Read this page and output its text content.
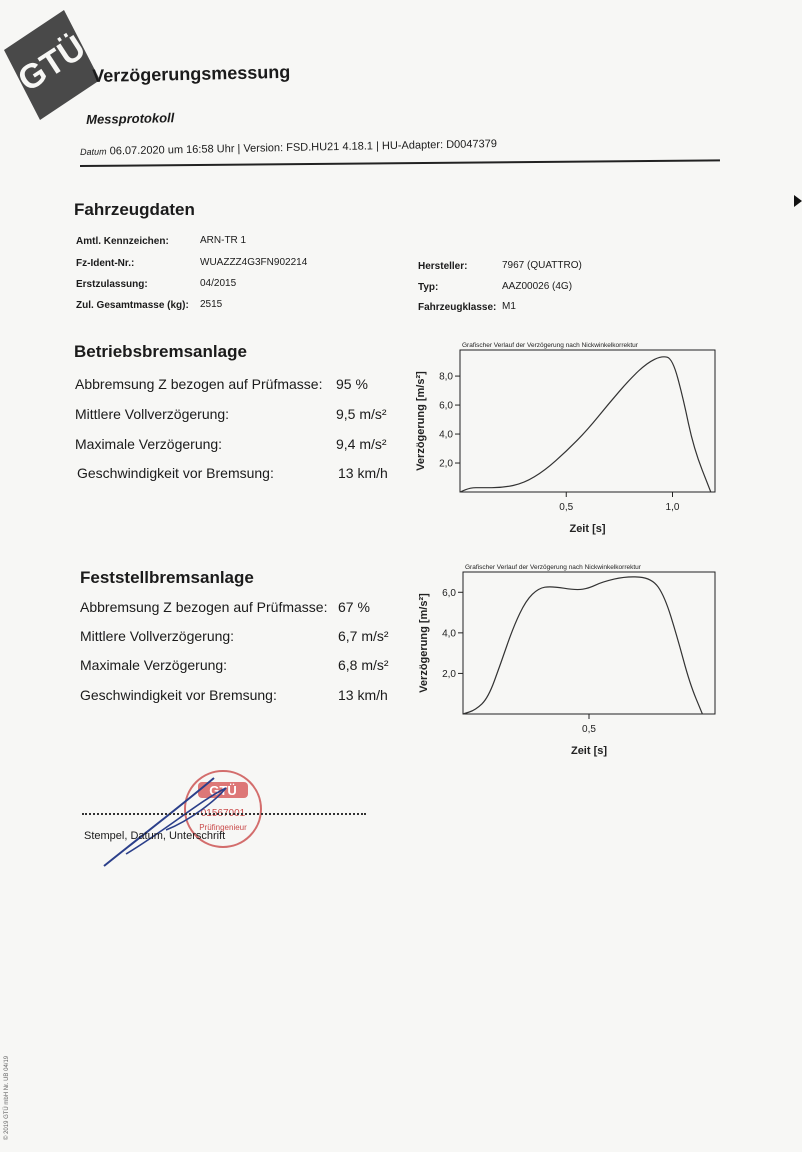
GTÜ Verzögerungsmessung
Messprotokoll
Datum 06.07.2020 um 16:58 Uhr | Version: FSD.HU21 4.18.1 | HU-Adapter: D0047379
Fahrzeugdaten
Amtl. Kennzeichen:	ARN-TR 1
Fz-Ident-Nr.:	WUAZZZ4G3FN902214
Erstzulassung:	04/2015
Zul. Gesamtmasse (kg): 2515
Hersteller:	7967 (QUATTRO)
Typ:	AAZ00026 (4G)
Fahrzeugklasse: M1
Betriebsbremsanlage
Abbremsung Z bezogen auf Prüfmasse: 95 %
Mittlere Vollverzögerung:	9,5 m/s²
Maximale Verzögerung:	9,4 m/s²
Geschwindigkeit vor Bremsung:	13 km/h
Grafischer Verlauf der Verzögerung nach Nickwinkelkorrektur
2,0
4,0
6,0
8,0
0,5	1,0
Zeit [s]
Verzögerung [m/s²]
Feststellbremsanlage
Abbremsung Z bezogen auf Prüfmasse: 67 %
Mittlere Vollverzögerung:	6,7 m/s²
Maximale Verzögerung:	6,8 m/s²
Geschwindigkeit vor Bremsung:	13 km/h
Grafischer Verlauf der Verzögerung nach Nickwinkelkorrektur
2,0
4,0
6,0
0,5
Zeit [s]
Verzögerung [m/s²]
GTÜ
01567001
Prüfingenieur
Stempel, Datum, Unterschrift
© 2019 GTÜ mbH Nr. UB 04/19
